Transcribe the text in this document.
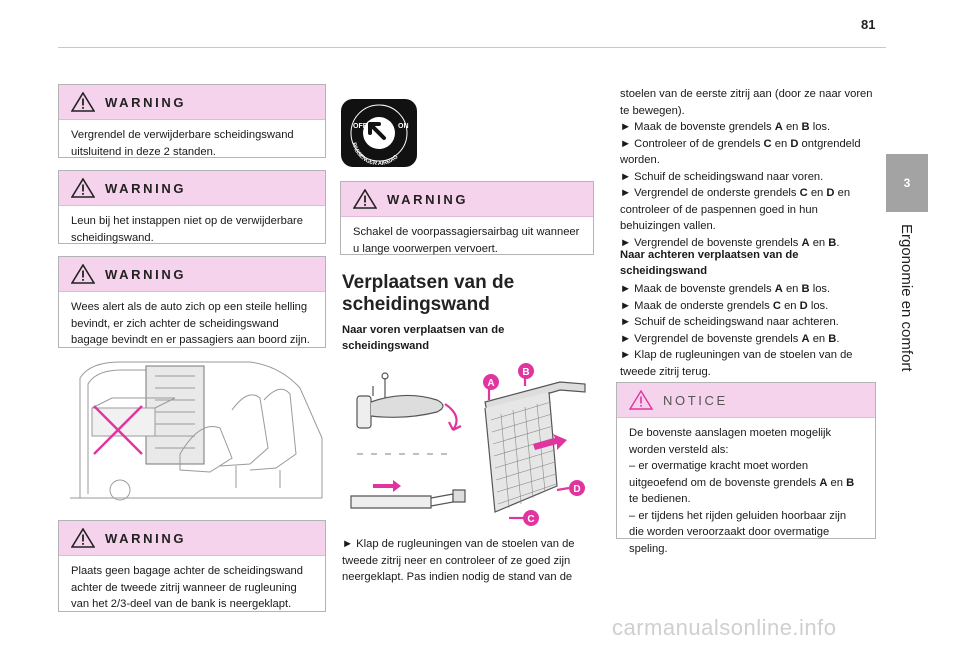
81
3
Ergonomie en comfort
WARNING
Vergrendel de verwijderbare scheidingswand uitsluitend in deze 2 standen.
WARNING
Leun bij het instappen niet op de verwijderbare scheidingswand.
WARNING
Wees alert als de auto zich op een steile helling bevindt, er zich achter de scheidingswand bagage bevindt en er passagiers aan boord zijn.
WARNING
Plaats geen bagage achter de scheidingswand achter de tweede zitrij wanneer de rugleuning van het 2/3-deel van de bank is neergeklapt.
OFF	ON
PASSENGER AIRBAG
WARNING
Schakel de voorpassagiersairbag uit wanneer u lange voorwerpen vervoert.
Verplaatsen van de scheidingswand
Naar voren verplaatsen van de scheidingswand
A
B
C
D
► Klap de rugleuningen van de stoelen van de tweede zitrij neer en controleer of ze goed zijn neergeklapt. Pas indien nodig de stand van de

stoelen van de eerste zitrij aan (door ze naar voren te bewegen).

► Maak de bovenste grendels A en B los.

► Controleer of de grendels C en D ontgrendeld worden.

► Schuif de scheidingswand naar voren.

► Vergrendel de onderste grendels C en D en controleer of de paspennen goed in hun behuizingen vallen.

► Vergrendel de bovenste grendels A en B.

Naar achteren verplaatsen van de scheidingswand

► Maak de bovenste grendels A en B los.

► Maak de onderste grendels C en D los.

► Schuif de scheidingswand naar achteren.

► Vergrendel de bovenste grendels A en B.

► Klap de rugleuningen van de stoelen van de tweede zitrij terug.

NOTICE
De bovenste aanslagen moeten mogelijk worden versteld als:
– er overmatige kracht moet worden uitgeoefend om de bovenste grendels A en B te bedienen.
– er tijdens het rijden geluiden hoorbaar zijn die worden veroorzaakt door overmatige speling.
carmanualsonline.info
